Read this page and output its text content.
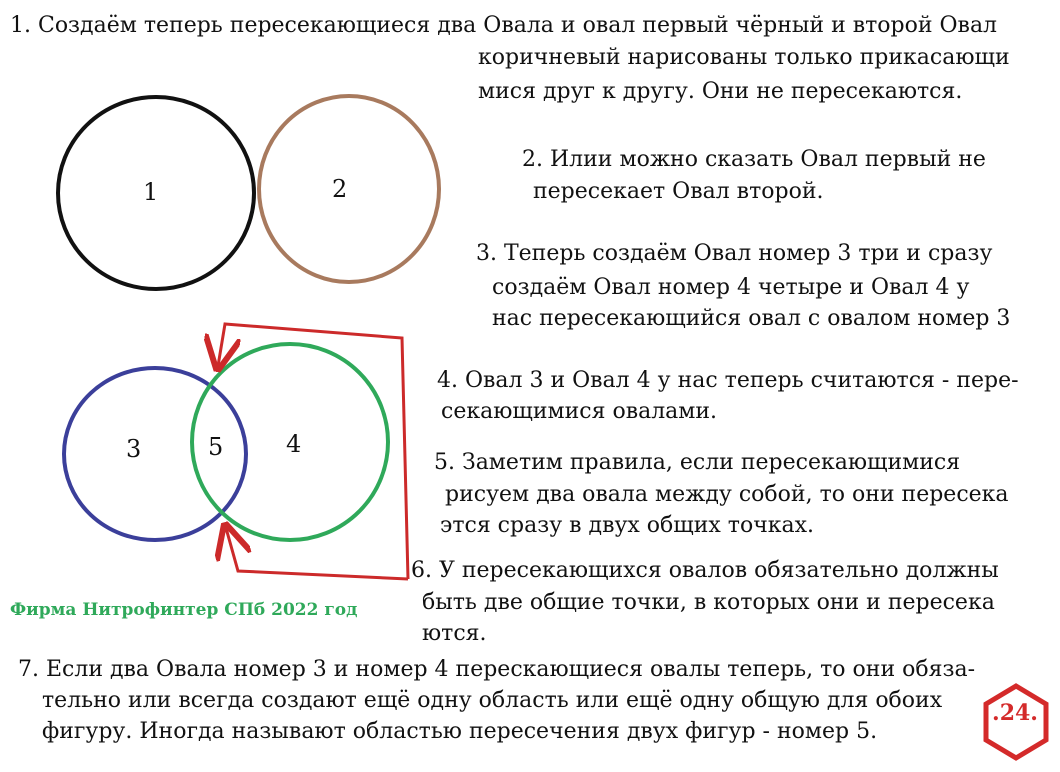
1	2
3	4
5
1. Создаём теперь пересекающиеся два Овала и овал первый чёрный и второй Овал
коричневый нарисованы только прикасающи
мися друг к другу. Они не пересекаются.
2. Илии можно сказать Овал первый не
пересекает Овал второй.
3. Теперь создаём Овал номер 3 три и сразу
создаём Овал номер 4 четыре и Овал 4 у
нас пересекающийся овал с овалом номер 3
4. Овал 3 и Овал 4 у нас теперь считаются - пере-
секающимися овалами.
5. Заметим правила, если пересекающимися
рисуем два овала между собой, то они пересека
этся сразу в двух общих точках.
6. У пересекающихся овалов обязательно должны
быть две общие точки, в которых они и пересека
ются.
7. Если два Овала номер 3 и номер 4 перескающиеся овалы теперь, то они обяза-
тельно или всегда создают ещё одну область или ещё одну общую для обоих
фигуру. Иногда называют областью пересечения двух фигур - номер 5.
Фирма Нитрофинтер СПб 2022 год
.24.
